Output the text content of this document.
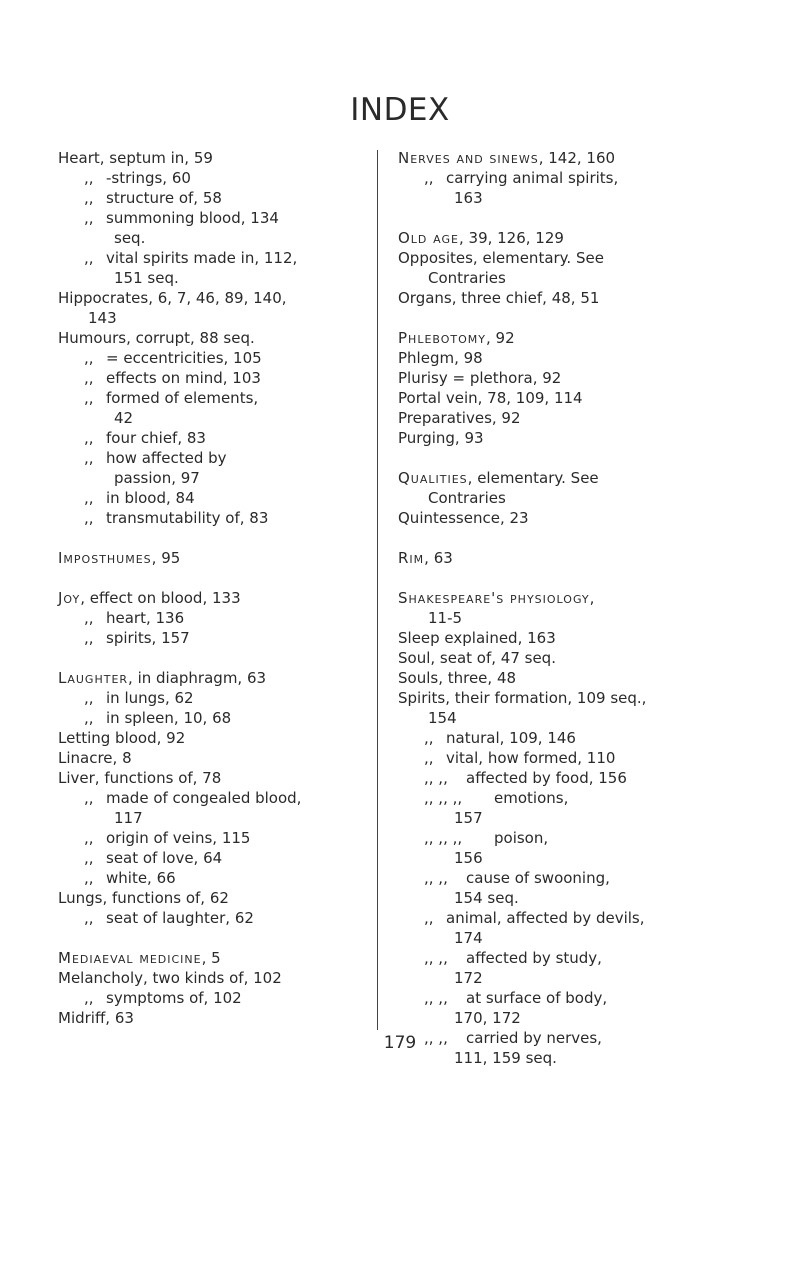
INDEX
Heart, septum in, 59
,, -strings, 60
,, structure of, 58
,, summoning blood, 134
seq.
,, vital spirits made in, 112,
151 seq.
Hippocrates, 6, 7, 46, 89, 140,
143
Humours, corrupt, 88 seq.
,, = eccentricities, 105
,, effects on mind, 103
,, formed of elements,
42
,, four chief, 83
,, how affected by
passion, 97
,, in blood, 84
,, transmutability of, 83
Imposthumes, 95
Joy, effect on blood, 133
,, heart, 136
,, spirits, 157
Laughter, in diaphragm, 63
,, in lungs, 62
,, in spleen, 10, 68
Letting blood, 92
Linacre, 8
Liver, functions of, 78
,, made of congealed blood,
117
,, origin of veins, 115
,, seat of love, 64
,, white, 66
Lungs, functions of, 62
,, seat of laughter, 62
Mediaeval medicine, 5
Melancholy, two kinds of, 102
,, symptoms of, 102
Midriff, 63
Nerves and sinews, 142, 160
,, carrying animal spirits,
163
Old age, 39, 126, 129
Opposites, elementary. See
Contraries
Organs, three chief, 48, 51
Phlebotomy, 92
Phlegm, 98
Plurisy = plethora, 92
Portal vein, 78, 109, 114
Preparatives, 92
Purging, 93
Qualities, elementary. See
Contraries
Quintessence, 23
Rim, 63
Shakespeare's physiology,
11-5
Sleep explained, 163
Soul, seat of, 47 seq.
Souls, three, 48
Spirits, their formation, 109 seq.,
154
,, natural, 109, 146
,, vital, how formed, 110
,, ,, affected by food, 156
,, ,, ,, emotions,
157
,, ,, ,, poison,
156
,, ,, cause of swooning,
154 seq.
,, animal, affected by devils,
174
,, ,, affected by study,
172
,, ,, at surface of body,
170, 172
,, ,, carried by nerves,
111, 159 seq.
179
